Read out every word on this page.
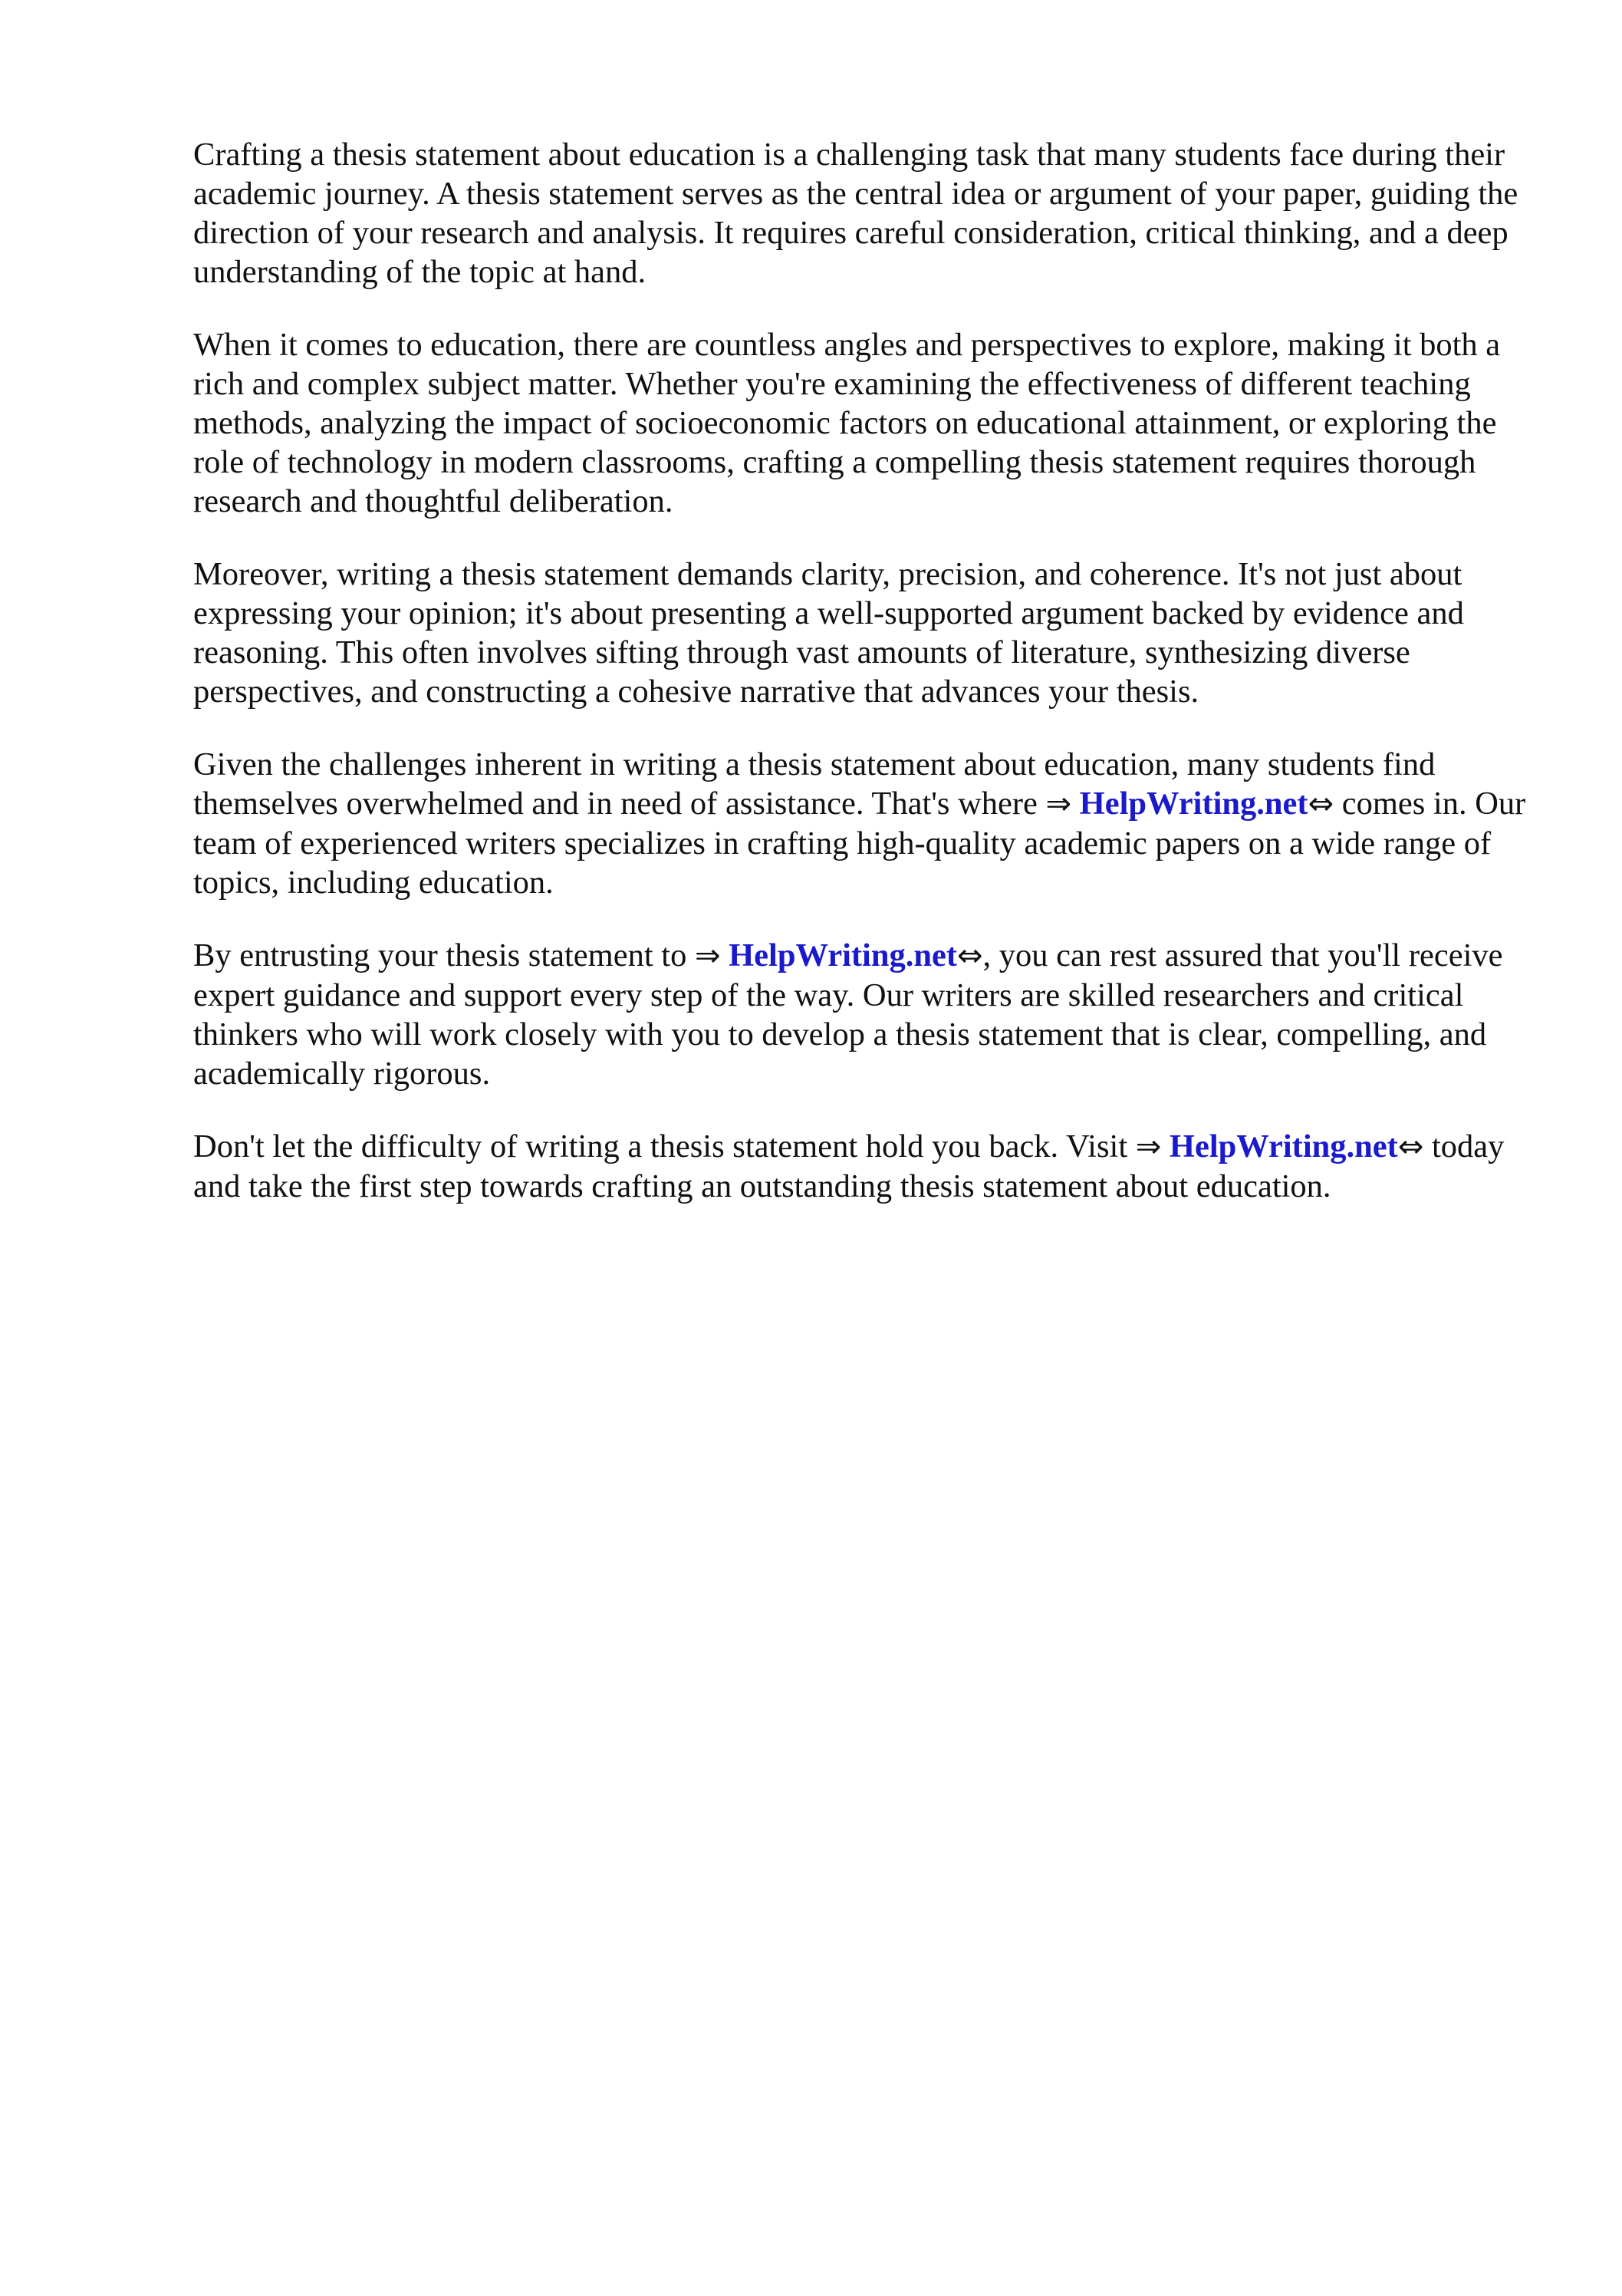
Crafting a thesis statement about education is a challenging task that many students face during their academic journey. A thesis statement serves as the central idea or argument of your paper, guiding the direction of your research and analysis. It requires careful consideration, critical thinking, and a deep understanding of the topic at hand.

When it comes to education, there are countless angles and perspectives to explore, making it both a rich and complex subject matter. Whether you're examining the effectiveness of different teaching methods, analyzing the impact of socioeconomic factors on educational attainment, or exploring the role of technology in modern classrooms, crafting a compelling thesis statement requires thorough research and thoughtful deliberation.

Moreover, writing a thesis statement demands clarity, precision, and coherence. It's not just about expressing your opinion; it's about presenting a well-supported argument backed by evidence and reasoning. This often involves sifting through vast amounts of literature, synthesizing diverse perspectives, and constructing a cohesive narrative that advances your thesis.

Given the challenges inherent in writing a thesis statement about education, many students find themselves overwhelmed and in need of assistance. That's where ⇒ HelpWriting.net⇔ comes in. Our team of experienced writers specializes in crafting high-quality academic papers on a wide range of topics, including education.

By entrusting your thesis statement to ⇒ HelpWriting.net⇔, you can rest assured that you'll receive expert guidance and support every step of the way. Our writers are skilled researchers and critical thinkers who will work closely with you to develop a thesis statement that is clear, compelling, and academically rigorous.

Don't let the difficulty of writing a thesis statement hold you back. Visit ⇒ HelpWriting.net⇔ today and take the first step towards crafting an outstanding thesis statement about education.
